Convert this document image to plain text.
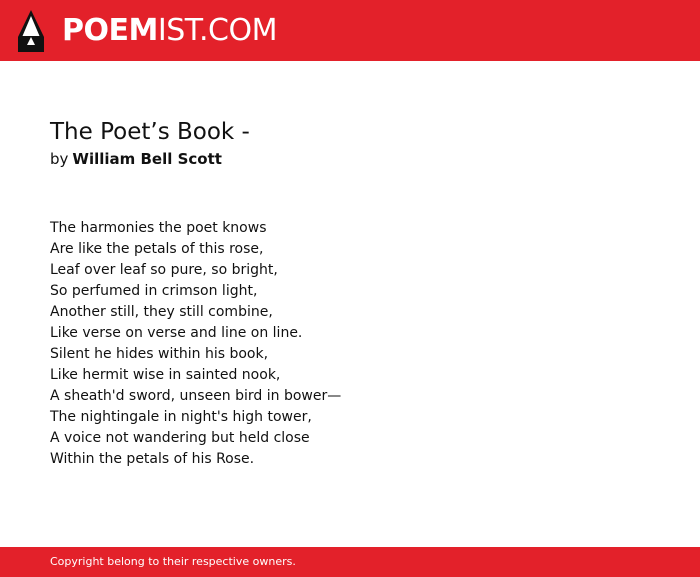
POEMIST.COM
The Poet’s Book -
by William Bell Scott
The harmonies the poet knows
Are like the petals of this rose,
Leaf over leaf so pure, so bright,
So perfumed in crimson light,
Another still, they still combine,
Like verse on verse and line on line.
Silent he hides within his book,
Like hermit wise in sainted nook,
A sheath'd sword, unseen bird in bower—
The nightingale in night's high tower,
A voice not wandering but held close
Within the petals of his Rose.
Copyright belong to their respective owners.
